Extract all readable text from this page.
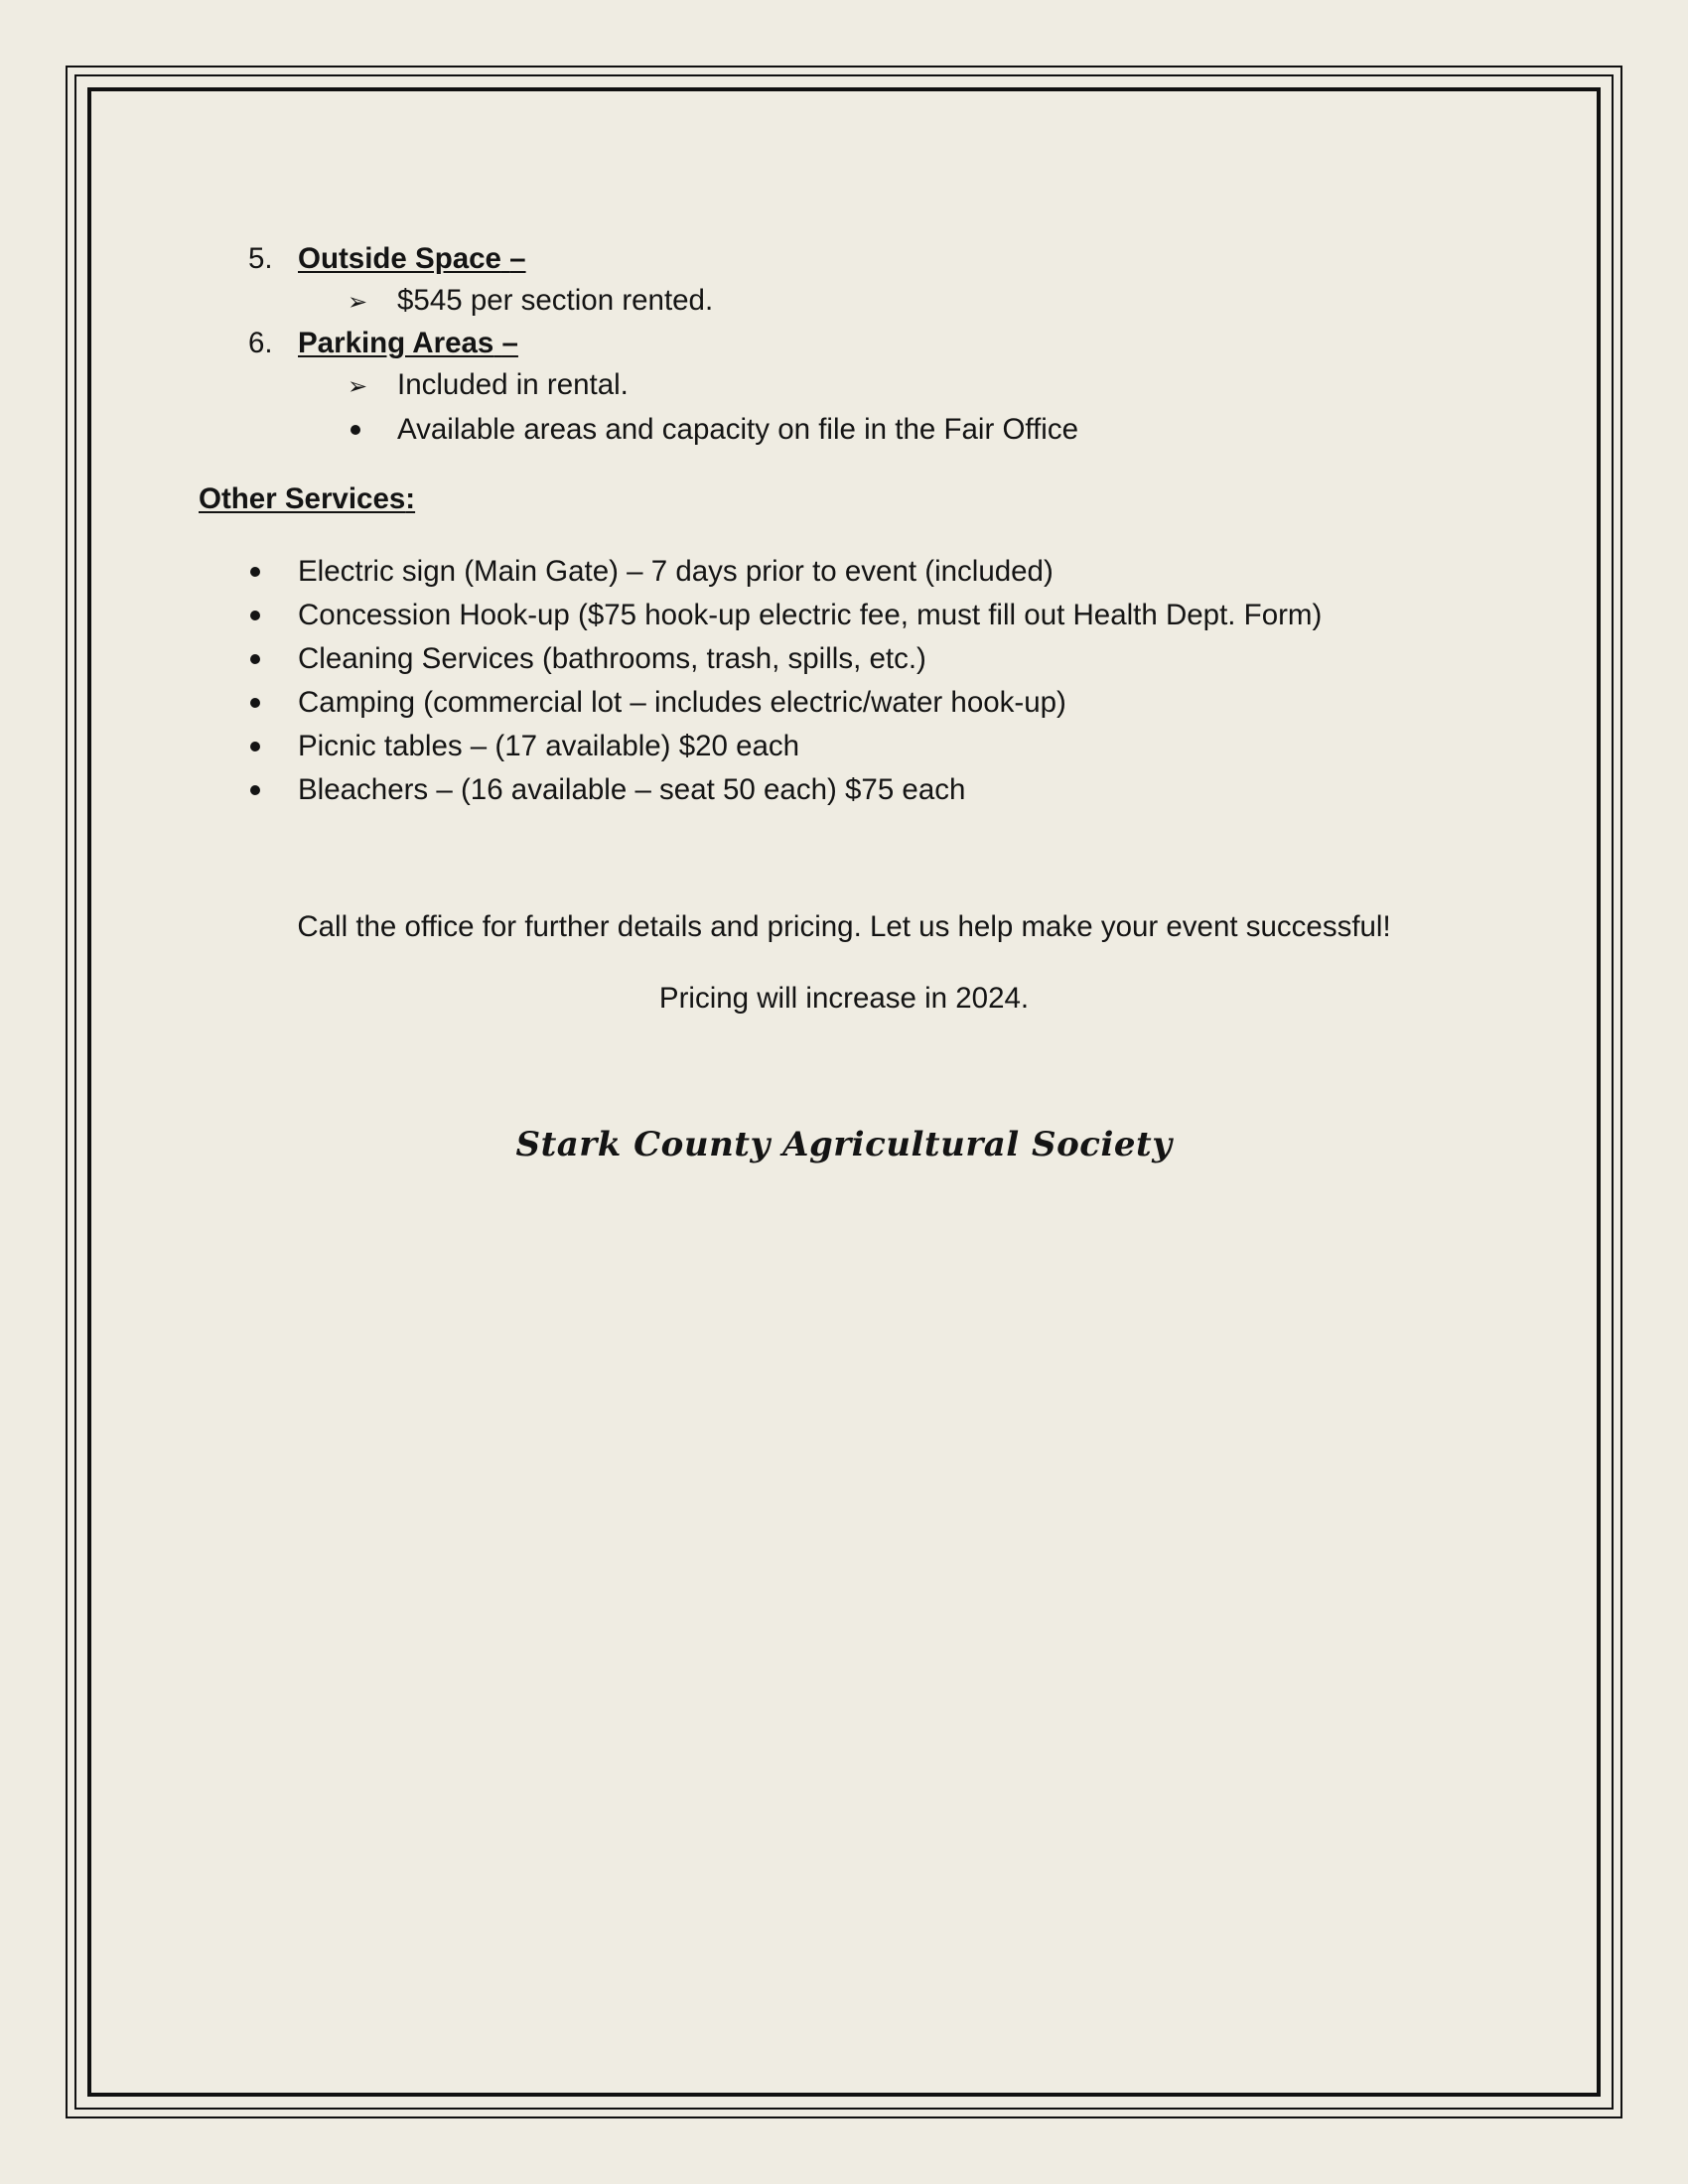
5. Outside Space –
➢ $545 per section rented.
6. Parking Areas –
➢ Included in rental.
Available areas and capacity on file in the Fair Office
Other Services:
Electric sign (Main Gate) – 7 days prior to event (included)
Concession Hook-up ($75 hook-up electric fee, must fill out Health Dept. Form)
Cleaning Services (bathrooms, trash, spills, etc.)
Camping (commercial lot – includes electric/water hook-up)
Picnic tables – (17 available) $20 each
Bleachers – (16 available – seat 50 each) $75 each
Call the office for further details and pricing. Let us help make your event successful!
Pricing will increase in 2024.
Stark County Agricultural Society
